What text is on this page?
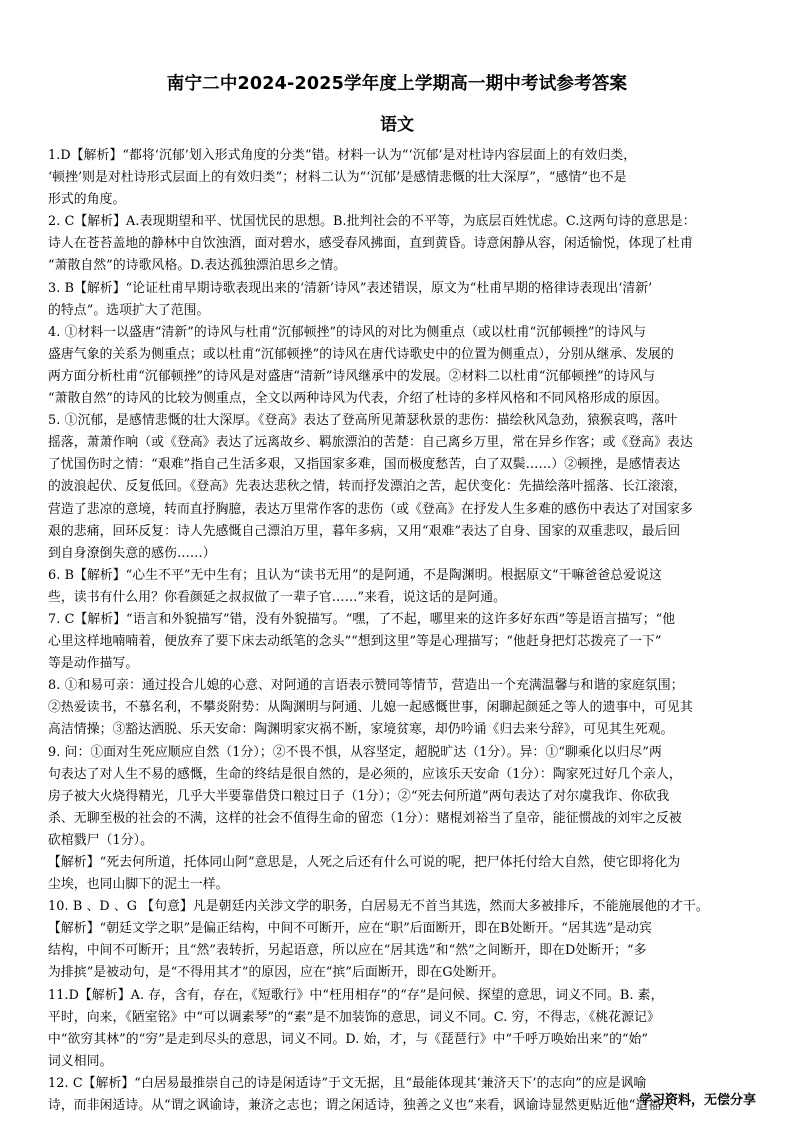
南宁二中2024-2025学年度上学期高一期中考试参考答案
语文
1.D【解析】“都将‘沉郁’划入形式角度的分类”错。材料一认为“‘沉郁’是对杜诗内容层面上的有效归类，
‘顿挫’则是对杜诗形式层面上的有效归类”；材料二认为“‘沉郁’是感情悲慨的壮大深厚”，“感情”也不是
形式的角度。
2. C【解析】A.表现期望和平、忧国忧民的思想。B.批判社会的不平等，为底层百姓忧虑。C.这两句诗的意思是：
诗人在苍苔盖地的静林中自饮浊酒，面对碧水，感受春风拂面，直到黄昏。诗意闲静从容，闲适愉悦，体现了杜甫
“萧散自然”的诗歌风格。D.表达孤独漂泊思乡之情。
3. B【解析】“论证杜甫早期诗歌表现出来的‘清新’诗风”表述错误，原文为“杜甫早期的格律诗表现出‘清新’
的特点”。选项扩大了范围。
4. ①材料一以盛唐“清新”的诗风与杜甫“沉郁顿挫”的诗风的对比为侧重点（或以杜甫“沉郁顿挫”的诗风与
盛唐气象的关系为侧重点；或以杜甫“沉郁顿挫”的诗风在唐代诗歌史中的位置为侧重点），分别从继承、发展的
两方面分析杜甫“沉郁顿挫”的诗风是对盛唐“清新”诗风继承中的发展。②材料二以杜甫“沉郁顿挫”的诗风与
“萧散自然”的诗风的比较为侧重点，全文以两种诗风为代表，介绍了杜诗的多样风格和不同风格形成的原因。
5. ①沉郁，是感情悲慨的壮大深厚。《登高》表达了登高所见萧瑟秋景的悲伤：描绘秋风急劲，猿猴哀鸣，落叶
摇落，萧萧作响（或《登高》表达了远离故乡、羁旅漂泊的苦楚：自己离乡万里，常在异乡作客；或《登高》表达
了忧国伤时之情：“艰难”指自己生活多艰，又指国家多难，国而极度愁苦，白了双鬓……）②顿挫，是感情表达
的波浪起伏、反复低回。《登高》先表达悲秋之情，转而抒发漂泊之苦，起伏变化：先描绘落叶摇落、长江滚滚，
营造了悲凉的意境，转而直抒胸臆，表达万里常作客的悲伤（或《登高》在抒发人生多难的感伤中表达了对国家多
艰的悲痛，回环反复：诗人先感慨自己漂泊万里，暮年多病，又用“艰难”表达了自身、国家的双重悲叹，最后回
到自身潦倒失意的感伤……）
6. B【解析】“心生不平”无中生有；且认为“读书无用”的是阿通，不是陶渊明。根据原文“干嘛爸爸总爱说这
些，读书有什么用？你看颜延之叔叔做了一辈子官……”来看，说这话的是阿通。
7. C【解析】“语言和外貌描写”错，没有外貌描写。“嘿，了不起，哪里来的这许多好东西”等是语言描写；“他
心里这样地喃喃着，便放弃了要下床去动纸笔的念头”“想到这里”等是心理描写；“他赶身把灯芯拨亮了一下”
等是动作描写。
8. ①和易可亲：通过投合儿媳的心意、对阿通的言语表示赞同等情节，营造出一个充满温馨与和谐的家庭氛围；
②热爱读书，不慕名利，不攀炎附势：从陶渊明与阿通、儿媳一起感慨世事，闲聊起颜延之等人的遗事中，可见其
高洁情操；③豁达洒脱、乐天安命：陶渊明家灾祸不断，家境贫寒，却仍吟诵《归去来兮辞》，可见其生死观。
9. 问：①面对生死应顺应自然（1分）；②不畏不惧，从容坚定，超脱旷达（1分）。异：①“聊乘化以归尽”两
句表达了对人生不易的感慨，生命的终结是很自然的，是必须的，应该乐天安命（1分）：陶家死过好几个亲人，
房子被大火烧得精光，几乎大半要靠借贷口粮过日子（1分）；②“死去何所道”两句表达了对尔虞我诈、你砍我
杀、无聊至极的社会的不满，这样的社会不值得生命的留恋（1分）：赌棍刘裕当了皇帝，能征惯战的刘牢之反被
砍棺戮尸（1分）。
【解析】“死去何所道，托体同山阿”意思是，人死之后还有什么可说的呢，把尸体托付给大自然，使它即将化为
尘埃，也同山脚下的泥土一样。
10. B 、D 、G 【句意】凡是朝廷内关涉文学的职务，白居易无不首当其选，然而大多被排斥，不能施展他的才干。
【解析】“朝廷文学之职”是偏正结构，中间不可断开，应在“职”后面断开，即在B处断开。“居其选”是动宾
结构，中间不可断开；且“然”表转折，另起语意，所以应在“居其选”和“然”之间断开，即在D处断开；“多
为排摈”是被动句，是“不得用其才”的原因，应在“摈”后面断开，即在G处断开。
11.D【解析】A. 存，含有，存在，《短歌行》中“枉用相存”的“存”是问候、探望的意思，词义不同。B. 素，
平时，向来，《陋室铭》中“可以调素琴”的“素”是不加装饰的意思，词义不同。C. 穷，不得志，《桃花源记》
中“欲穷其林”的“穷”是走到尽头的意思，词义不同。D. 始，才，与《琵琶行》中“千呼万唤始出来”的“始”
词义相同。
12. C【解析】“白居易最推崇自己的诗是闲适诗”于文无据，且“最能体现其‘兼济天下’的志向”的应是讽喻
诗，而非闲适诗。从“谓之讽谕诗，兼济之志也；谓之闲适诗，独善之义也”来看，讽谕诗显然更贴近他“造福天
学习资料，无偿分享
